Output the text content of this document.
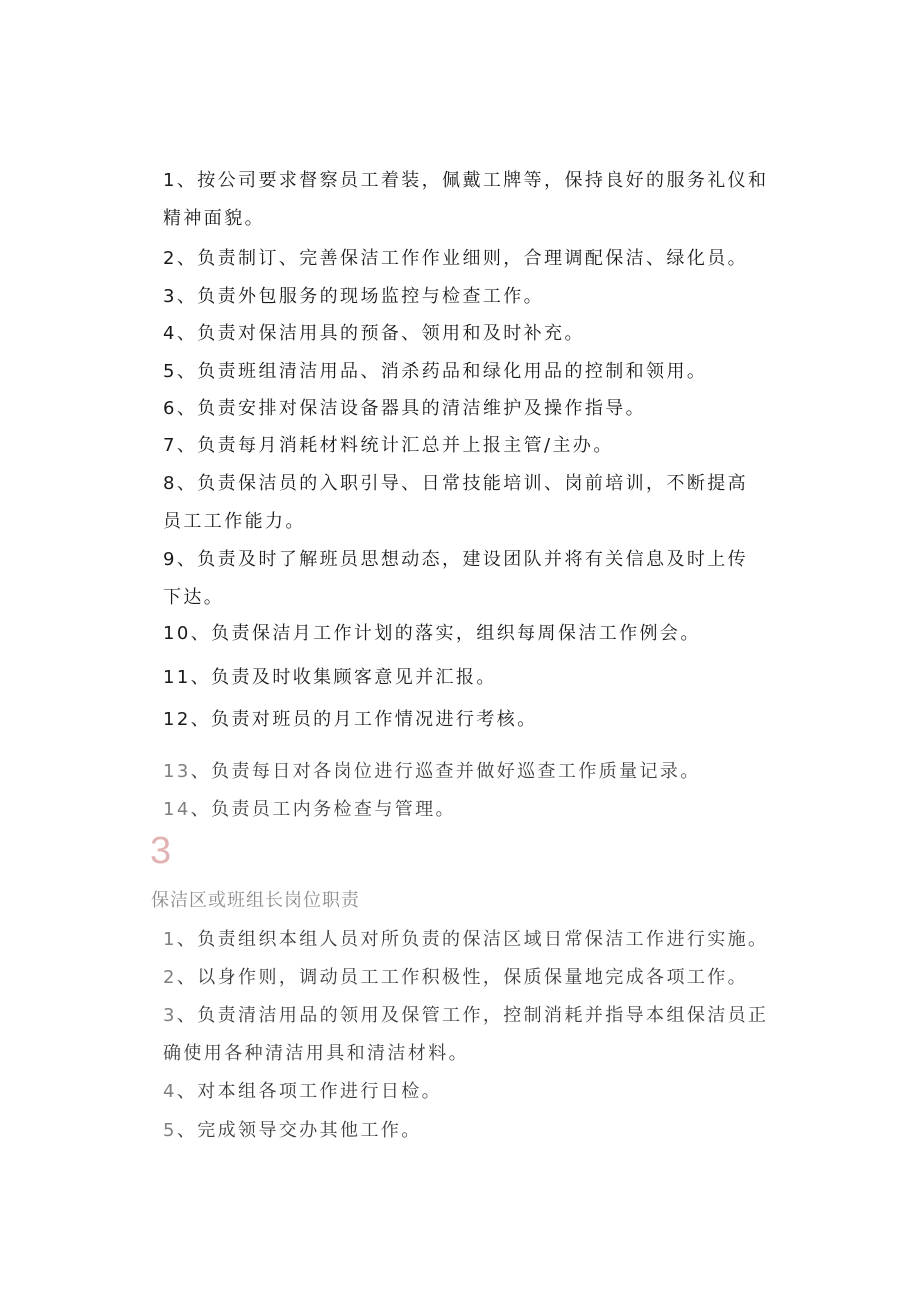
1、按公司要求督察员工着装，佩戴工牌等，保持良好的服务礼仪和
精神面貌。

2、负责制订、完善保洁工作作业细则，合理调配保洁、绿化员。

3、负责外包服务的现场监控与检查工作。

4、负责对保洁用具的预备、领用和及时补充。

5、负责班组清洁用品、消杀药品和绿化用品的控制和领用。

6、负责安排对保洁设备器具的清洁维护及操作指导。

7、负责每月消耗材料统计汇总并上报主管/主办。

8、负责保洁员的入职引导、日常技能培训、岗前培训，不断提高
员工工作能力。

9、负责及时了解班员思想动态，建设团队并将有关信息及时上传
下达。

10、负责保洁月工作计划的落实，组织每周保洁工作例会。

11、负责及时收集顾客意见并汇报。

12、负责对班员的月工作情况进行考核。

13、负责每日对各岗位进行巡查并做好巡查工作质量记录。

14、负责员工内务检查与管理。

3
保洁区或班组长岗位职责

1、负责组织本组人员对所负责的保洁区域日常保洁工作进行实施。

2、以身作则，调动员工工作积极性，保质保量地完成各项工作。

3、负责清洁用品的领用及保管工作，控制消耗并指导本组保洁员正
确使用各种清洁用具和清洁材料。

4、对本组各项工作进行日检。

5、完成领导交办其他工作。
